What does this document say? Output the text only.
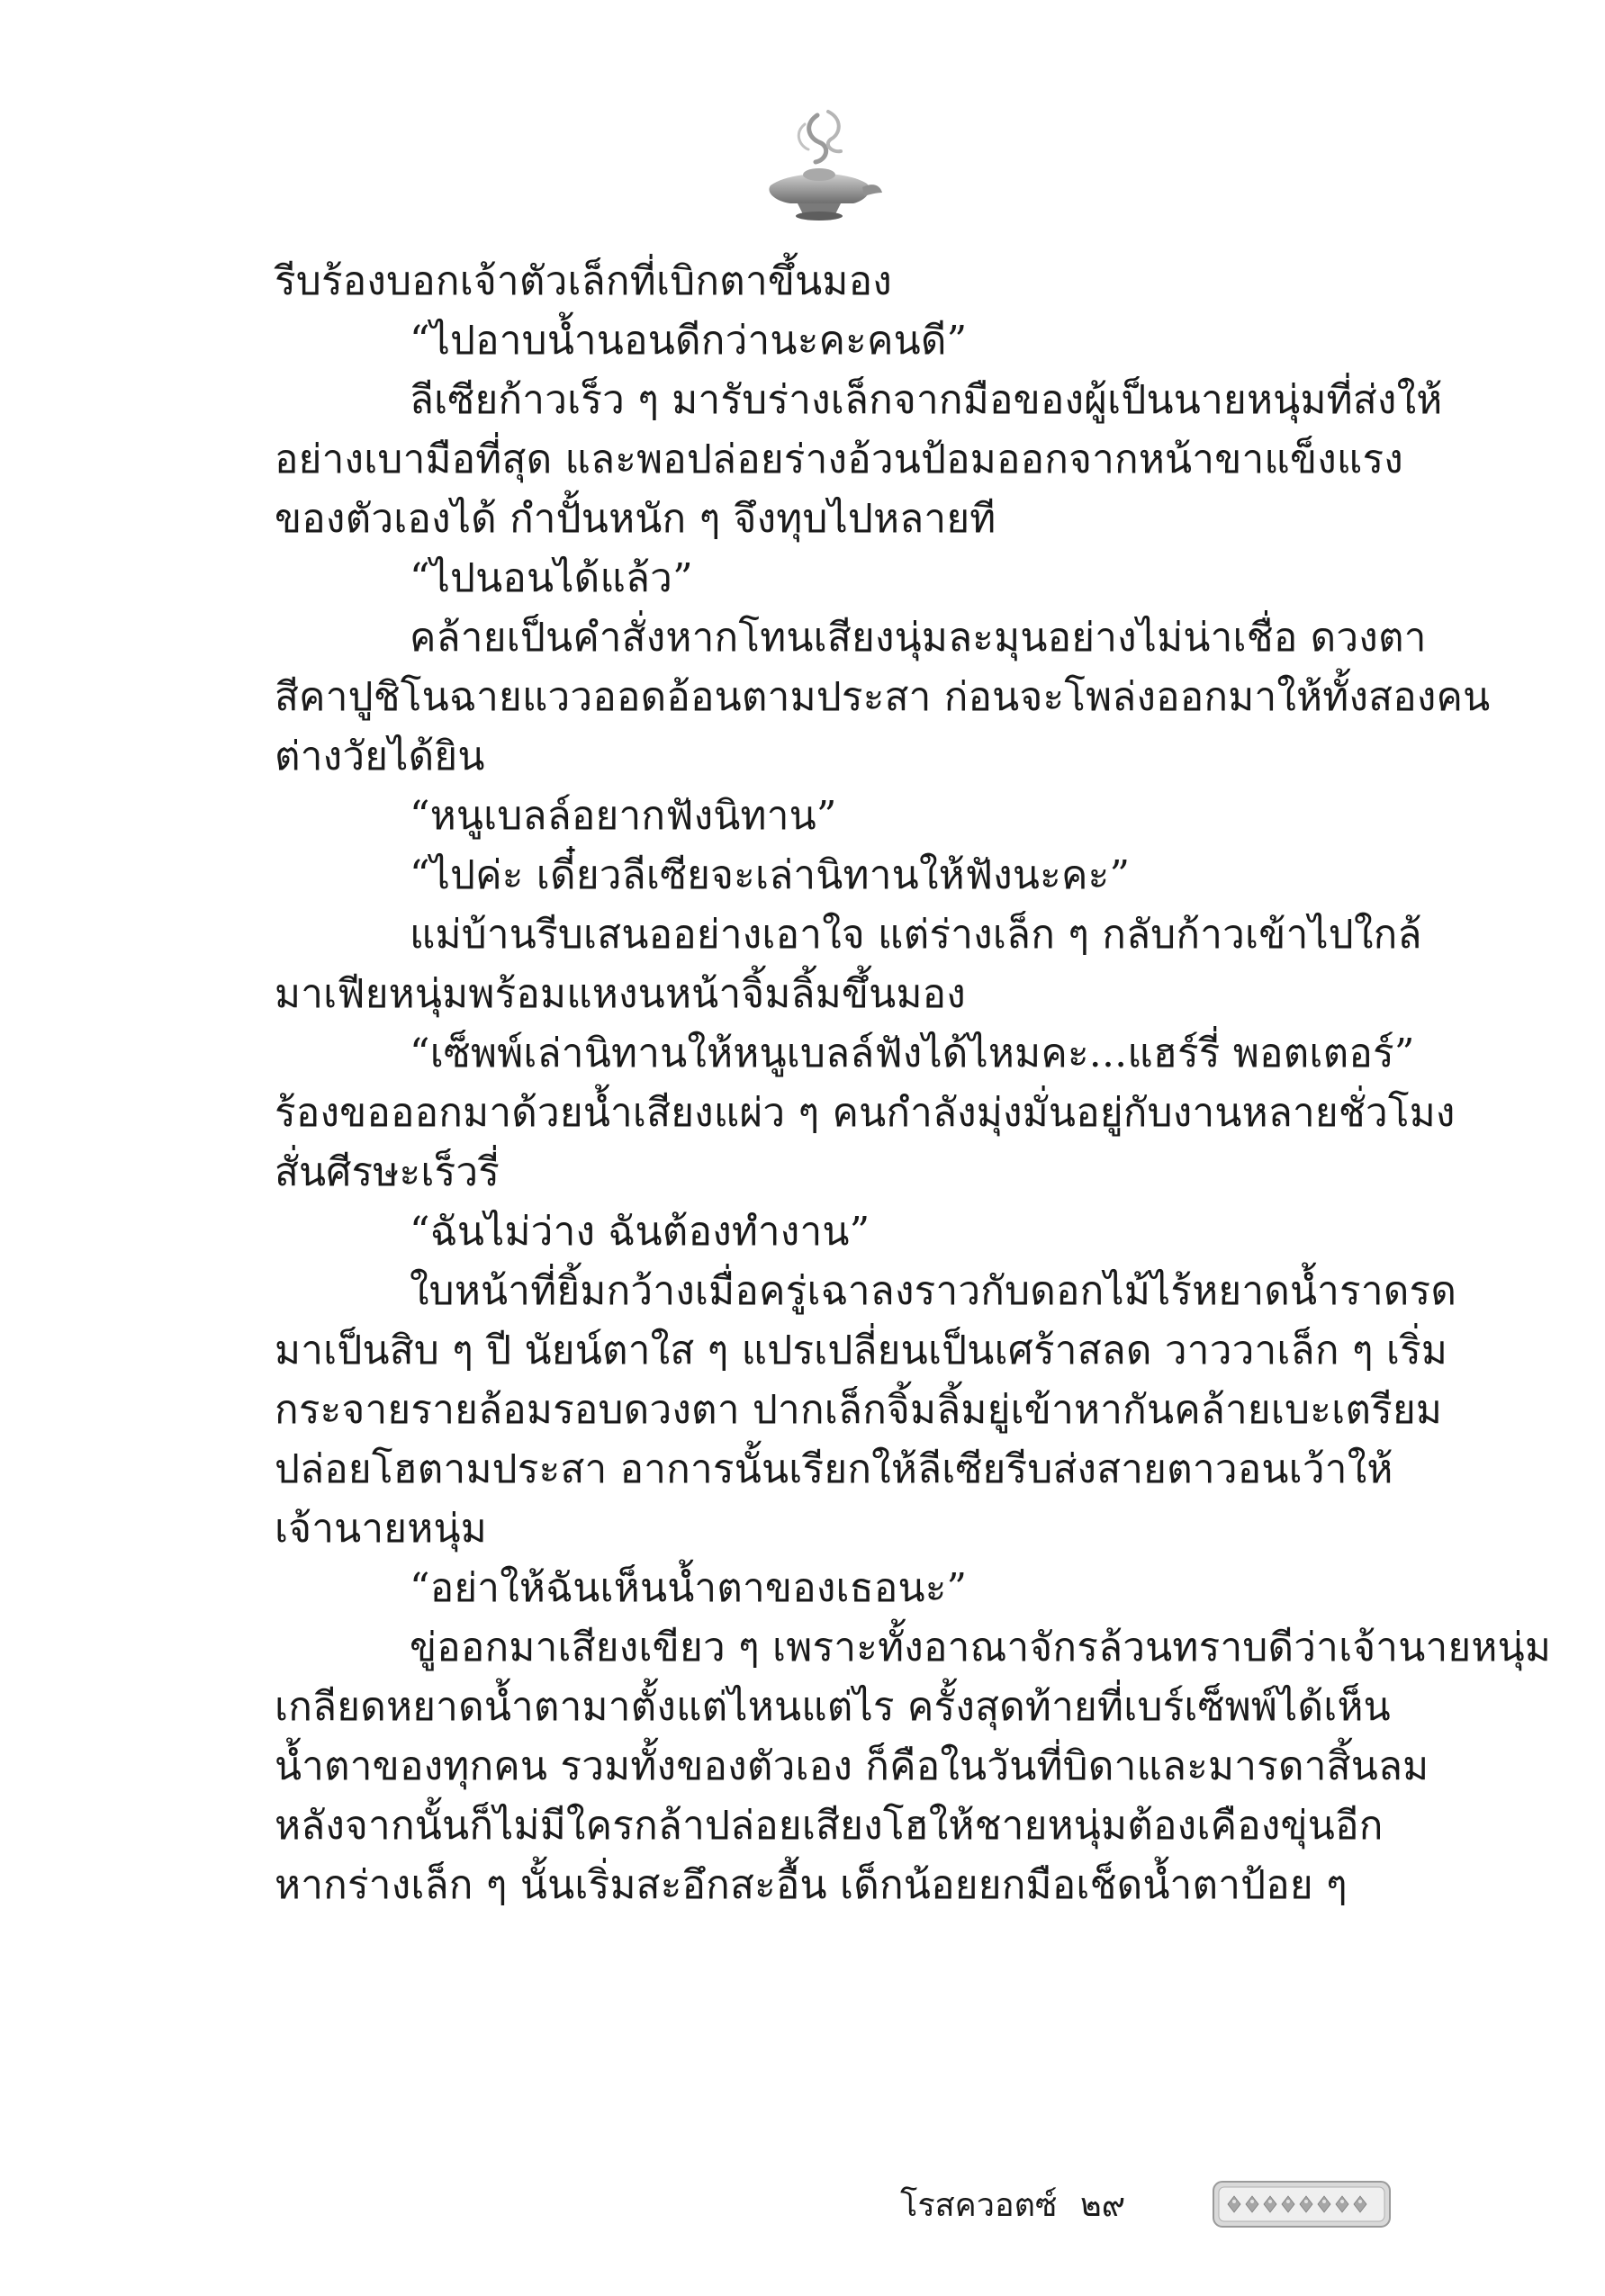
รีบร้องบอกเจ้าตัวเล็กที่เบิกตาขึ้นมอง
“ไปอาบน้ำนอนดีกว่านะคะคนดี”
ลีเซียก้าวเร็ว ๆ มารับร่างเล็กจากมือของผู้เป็นนายหนุ่มที่ส่งให้
อย่างเบามือที่สุด และพอปล่อยร่างอ้วนป้อมออกจากหน้าขาแข็งแรง
ของตัวเองได้ กำปั้นหนัก ๆ จึงทุบไปหลายที
“ไปนอนได้แล้ว”
คล้ายเป็นคำสั่งหากโทนเสียงนุ่มละมุนอย่างไม่น่าเชื่อ ดวงตา
สีคาปูชิโนฉายแววออดอ้อนตามประสา ก่อนจะโพล่งออกมาให้ทั้งสองคน
ต่างวัยได้ยิน
“หนูเบลล์อยากฟังนิทาน”
“ไปค่ะ เดี๋ยวลีเซียจะเล่านิทานให้ฟังนะคะ”
แม่บ้านรีบเสนออย่างเอาใจ แต่ร่างเล็ก ๆ กลับก้าวเข้าไปใกล้
มาเฟียหนุ่มพร้อมแหงนหน้าจิ้มลิ้มขึ้นมอง
“เซ็พพ์เล่านิทานให้หนูเบลล์ฟังได้ไหมคะ...แฮร์รี่ พอตเตอร์”
ร้องขอออกมาด้วยน้ำเสียงแผ่ว ๆ คนกำลังมุ่งมั่นอยู่กับงานหลายชั่วโมง
สั่นศีรษะเร็วรี่
“ฉันไม่ว่าง ฉันต้องทำงาน”
ใบหน้าที่ยิ้มกว้างเมื่อครู่เฉาลงราวกับดอกไม้ไร้หยาดน้ำราดรด
มาเป็นสิบ ๆ ปี นัยน์ตาใส ๆ แปรเปลี่ยนเป็นเศร้าสลด วาววาเล็ก ๆ เริ่ม
กระจายรายล้อมรอบดวงตา ปากเล็กจิ้มลิ้มยู่เข้าหากันคล้ายเบะเตรียม
ปล่อยโฮตามประสา อาการนั้นเรียกให้ลีเซียรีบส่งสายตาวอนเว้าให้
เจ้านายหนุ่ม
“อย่าให้ฉันเห็นน้ำตาของเธอนะ”
ขู่ออกมาเสียงเขียว ๆ เพราะทั้งอาณาจักรล้วนทราบดีว่าเจ้านายหนุ่ม
เกลียดหยาดน้ำตามาตั้งแต่ไหนแต่ไร ครั้งสุดท้ายที่เบร์เซ็พพ์ได้เห็น
น้ำตาของทุกคน รวมทั้งของตัวเอง ก็คือในวันที่บิดาและมารดาสิ้นลม
หลังจากนั้นก็ไม่มีใครกล้าปล่อยเสียงโฮให้ชายหนุ่มต้องเคืองขุ่นอีก
หากร่างเล็ก ๆ นั้นเริ่มสะอึกสะอื้น เด็กน้อยยกมือเช็ดน้ำตาป้อย ๆ
โรสควอตซ์ ๒๙
